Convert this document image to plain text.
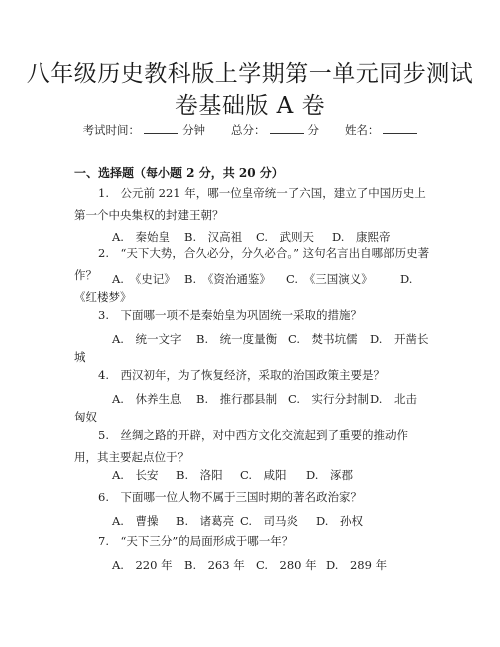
八年级历史教科版上学期第一单元同步测试
卷基础版 A 卷
考试时间：	分钟 总分：	分 姓名：
一、选择题（每小题 2 分，共 20 分）
1.　公元前 221 年，哪一位皇帝统一了六国，建立了中国历史上第一个中央集权的封建王朝？
A.　秦始皇 B.　汉高祖 C.　武则天 D.　康熙帝
2.　“天下大势，合久必分，分久必合。” 这句名言出自哪部历史著作？	A.　《史记》 B.　《资治通鉴》 C.　《三国演义》 D.
《红楼梦》
3.　下面哪一项不是秦始皇为巩固统一采取的措施？
A.　统一文字 B.　统一度量衡 C.　焚书坑儒 D.　开凿长
城
4.　西汉初年，为了恢复经济，采取的治国政策主要是？
A.　休养生息 B.　推行郡县制 C.　实行分封制 D.　北击
匈奴
5.　丝绸之路的开辟，对中西方文化交流起到了重要的推动作用，其主要起点位于？
A.　长安 B.　洛阳 C.　咸阳 D.　涿郡
6.　下面哪一位人物不属于三国时期的著名政治家？
A.　曹操 B.　诸葛亮 C.　司马炎 D.　孙权
7.　“天下三分”的局面形成于哪一年？
A.　220 年 B.　263 年 C.　280 年 D.　289 年
